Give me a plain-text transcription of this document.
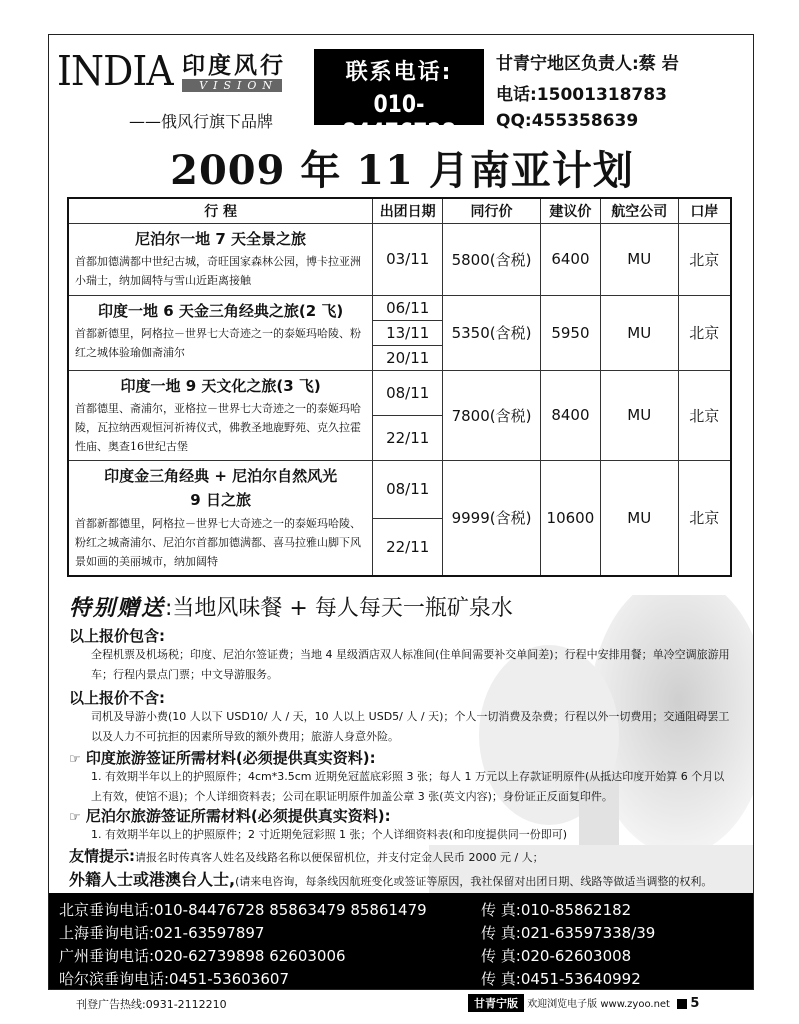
INDIA 印度风行
VISION
——俄风行旗下品牌
联系电话:
010-84476728
甘青宁地区负责人:蔡 岩
电话:15001318783
QQ:455358639
2009 年 11 月南亚计划
行 程	出团日期	同行价	建议价	航空公司	口岸

尼泊尔一地 7 天全景之旅
首都加德满都中世纪古城，奇旺国家森林公园，博卡拉亚洲小瑞士，纳加阔特与雪山近距离接触	03/11	5800(含税)	6400	MU	北京

印度一地 6 天金三角经典之旅(2 飞)
首都新德里，阿格拉－世界七大奇迹之一的泰姬玛哈陵、粉红之城体验瑜伽斋浦尔	06/11	5350(含税)	5950	MU	北京
	13/11				
	20/11				

印度一地 9 天文化之旅(3 飞)
首都德里、斋浦尔，亚格拉－世界七大奇迹之一的泰姬玛哈陵，瓦拉纳西观恒河祈祷仪式，佛教圣地鹿野苑、克久拉霍性庙、奥查16世纪古堡	08/11	7800(含税)	8400	MU	北京
	22/11				

印度金三角经典 + 尼泊尔自然风光
9 日之旅
首都新都德里，阿格拉－世界七大奇迹之一的泰姬玛哈陵、粉红之城斋浦尔、尼泊尔首都加德满都、喜马拉雅山脚下风景如画的美丽城市，纳加阔特	08/11	9999(含税)	10600	MU	北京
	22/11				
特别赠送:当地风味餐 + 每人每天一瓶矿泉水
以上报价包含:
全程机票及机场税；印度、尼泊尔签证费；当地 4 星级酒店双人标准间(住单间需要补交单间差)；行程中安排用餐；单冷空调旅游用车；行程内景点门票；中文导游服务。
以上报价不含:
司机及导游小费(10 人以下 USD10/ 人 / 天，10 人以上 USD5/ 人 / 天)；个人一切消费及杂费；行程以外一切费用；交通阻碍罢工以及人力不可抗拒的因素所导致的额外费用；旅游人身意外险。
☞ 印度旅游签证所需材料(必须提供真实资料):
1. 有效期半年以上的护照原件；4cm*3.5cm 近期免冠蓝底彩照 3 张；每人 1 万元以上存款证明原件(从抵达印度开始算 6 个月以上有效，使馆不退)；个人详细资料表；公司在职证明原件加盖公章 3 张(英文内容)；身份证正反面复印件。
☞ 尼泊尔旅游签证所需材料(必须提供真实资料):
1. 有效期半年以上的护照原件；2 寸近期免冠彩照 1 张；个人详细资料表(和印度提供同一份即可)
友情提示:请报名时传真客人姓名及线路名称以便保留机位，并支付定金人民币 2000 元 / 人；
外籍人士或港澳台人士,(请来电咨询，每条线因航班变化或签证等原因，我社保留对出团日期、线路等做适当调整的权利。
北京垂询电话:010-84476728 85863479 85861479	传 真:010-85862182
上海垂询电话:021-63597897	传 真:021-63597338/39
广州垂询电话:020-62739898 62603006	传 真:020-62603008
哈尔滨垂询电话:0451-53603607	传 真:0451-53640992
刊登广告热线:0931-2112210	甘青宁版 欢迎浏览电子版 www.zyoo.net 5
